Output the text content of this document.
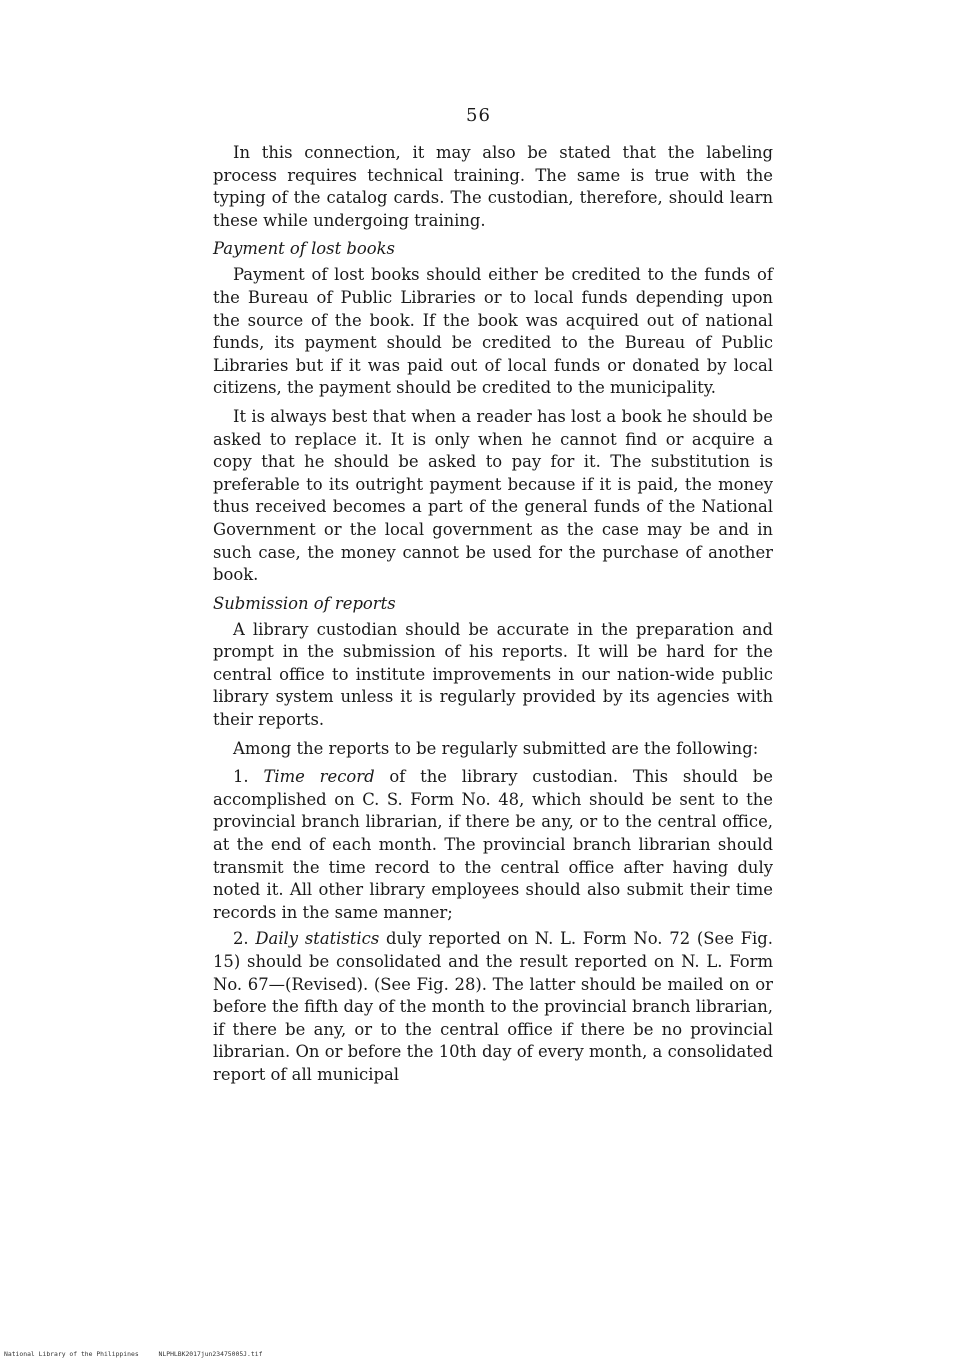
56

In this connection, it may also be stated that the labeling process requires technical training. The same is true with the typing of the catalog cards. The custodian, therefore, should learn these while undergoing training.

Payment of lost books

Payment of lost books should either be credited to the funds of the Bureau of Public Libraries or to local funds depending upon the source of the book. If the book was acquired out of national funds, its payment should be credited to the Bureau of Public Libraries but if it was paid out of local funds or donated by local citizens, the payment should be credited to the municipality.

It is always best that when a reader has lost a book he should be asked to replace it. It is only when he cannot find or acquire a copy that he should be asked to pay for it. The substitution is preferable to its outright payment because if it is paid, the money thus received becomes a part of the general funds of the National Government or the local government as the case may be and in such case, the money cannot be used for the purchase of another book.

Submission of reports

A library custodian should be accurate in the preparation and prompt in the submission of his reports. It will be hard for the central office to institute improvements in our nation-wide public library system unless it is regularly provided by its agencies with their reports.

Among the reports to be regularly submitted are the following:

1. Time record of the library custodian. This should be accomplished on C. S. Form No. 48, which should be sent to the provincial branch librarian, if there be any, or to the central office, at the end of each month. The provincial branch librarian should transmit the time record to the central office after having duly noted it. All other library employees should also submit their time records in the same manner;

2. Daily statistics duly reported on N. L. Form No. 72 (See Fig. 15) should be consolidated and the result reported on N. L. Form No. 67—(Revised). (See Fig. 28). The latter should be mailed on or before the fifth day of the month to the provincial branch librarian, if there be any, or to the central office if there be no provincial librarian. On or before the 10th day of every month, a consolidated report of all municipal

National Library of the Philippines	NLPHLBK2017jun23475005J.tif
